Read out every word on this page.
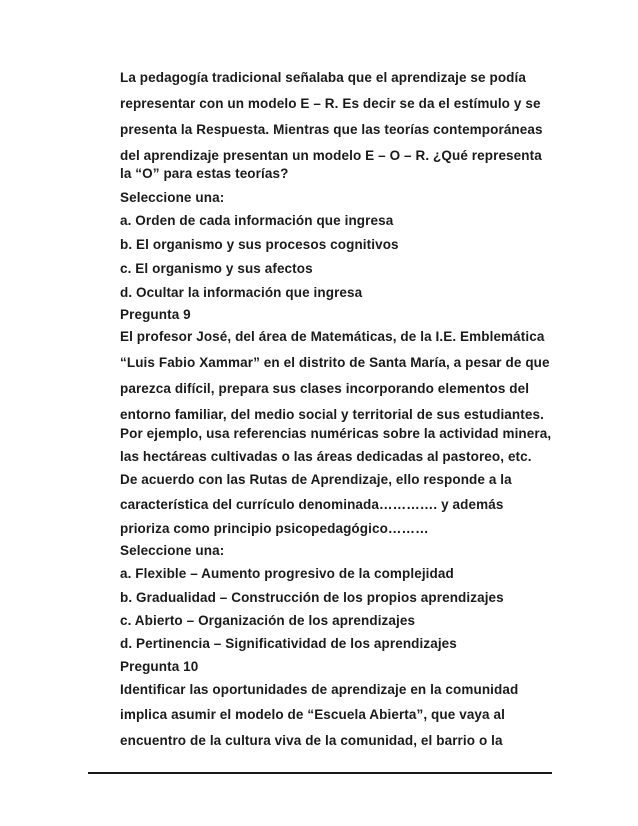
La pedagogía tradicional señalaba que el aprendizaje se podía
representar con un modelo E – R. Es decir se da el estímulo y se
presenta la Respuesta. Mientras que las teorías contemporáneas
del aprendizaje presentan un modelo E – O – R. ¿Qué representa
la “O” para estas teorías?
Seleccione una:
a. Orden de cada información que ingresa
b. El organismo y sus procesos cognitivos
c. El organismo y sus afectos
d. Ocultar la información que ingresa
Pregunta 9
El profesor José, del área de Matemáticas, de la I.E. Emblemática
“Luis Fabio Xammar” en el distrito de Santa María, a pesar de que
parezca difícil, prepara sus clases incorporando elementos del
entorno familiar, del medio social y territorial de sus estudiantes.
Por ejemplo, usa referencias numéricas sobre la actividad minera,
las hectáreas cultivadas o las áreas dedicadas al pastoreo, etc.
De acuerdo con las Rutas de Aprendizaje, ello responde a la
característica del currículo denominada…………. y además
prioriza como principio psicopedagógico………
Seleccione una:
a. Flexible – Aumento progresivo de la complejidad
b. Gradualidad – Construcción de los propios aprendizajes
c. Abierto – Organización de los aprendizajes
d. Pertinencia – Significatividad de los aprendizajes
Pregunta 10
Identificar las oportunidades de aprendizaje en la comunidad
implica asumir el modelo de “Escuela Abierta”, que vaya al
encuentro de la cultura viva de la comunidad, el barrio o la
